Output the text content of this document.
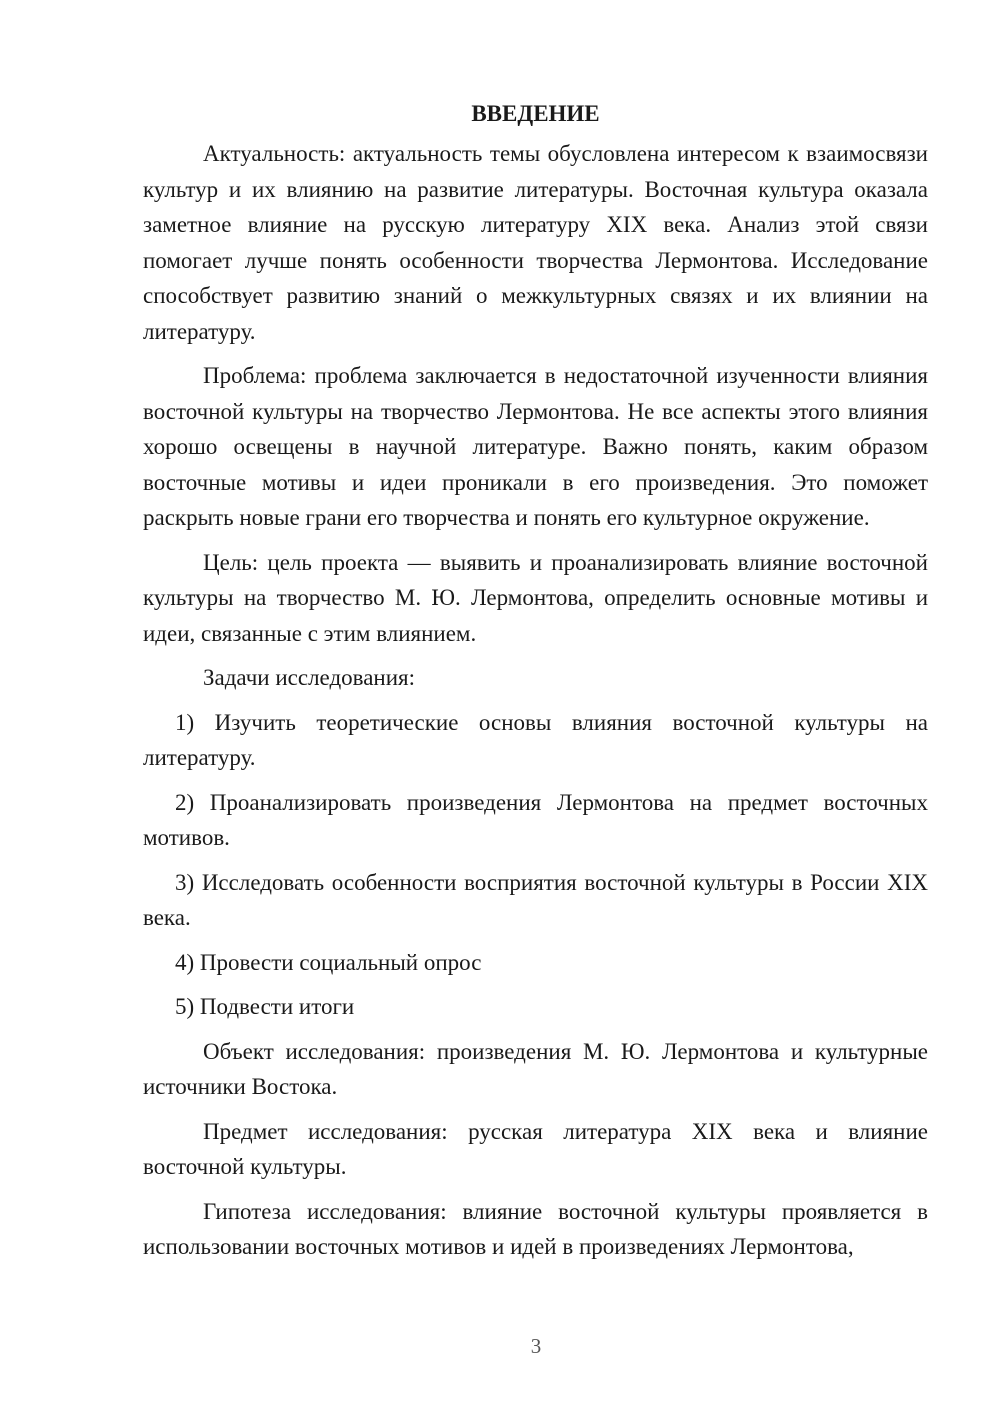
ВВЕДЕНИЕ

Актуальность: актуальность темы обусловлена интересом к взаимосвязи культур и их влиянию на развитие литературы. Восточная культура оказала заметное влияние на русскую литературу XIX века. Анализ этой связи помогает лучше понять особенности творчества Лермонтова. Исследование способствует развитию знаний о межкультурных связях и их влиянии на литературу.

Проблема: проблема заключается в недостаточной изученности влияния восточной культуры на творчество Лермонтова. Не все аспекты этого влияния хорошо освещены в научной литературе. Важно понять, каким образом восточные мотивы и идеи проникали в его произведения. Это поможет раскрыть новые грани его творчества и понять его культурное окружение.

Цель: цель проекта — выявить и проанализировать влияние восточной культуры на творчество М. Ю. Лермонтова, определить основные мотивы и идеи, связанные с этим влиянием.

Задачи исследования:

1) Изучить теоретические основы влияния восточной культуры на литературу.

2) Проанализировать произведения Лермонтова на предмет восточных мотивов.

3) Исследовать особенности восприятия восточной культуры в России XIX века.

4) Провести социальный опрос

5) Подвести итоги

Объект исследования: произведения М. Ю. Лермонтова и культурные источники Востока.

Предмет исследования: русская литература XIX века и влияние восточной культуры.

Гипотеза исследования: влияние восточной культуры проявляется в использовании восточных мотивов и идей в произведениях Лермонтова,

3
